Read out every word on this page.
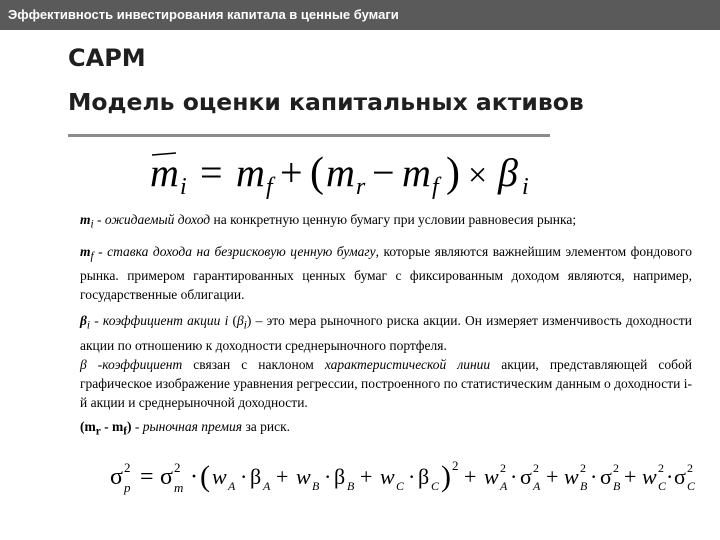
Эффективность инвестирования капитала в ценные бумаги
CAPM
Модель оценки капитальных активов
m i = m f + ( m r − m f ) × β i
$m_i$ - ожидаемый доход на конкретную ценную бумагу при условии равновесия рынка;
$m_f$ - ставка дохода на безрисковую ценную бумагу, которые являются важнейшим элементом фондового рынка. примером гарантированных ценных бумаг с фиксированным доходом являются, например, государственные облигации.
$\beta_i$ - коэффициент акции i $(\beta_i)$ – это мера рыночного риска акции. Он измеряет изменчивость доходности акции по отношению к доходности среднерыночного портфеля.
β -коэффициент связан с наклоном характеристической линии акции, представляющей собой графическое изображение уравнения регрессии, построенного по статистическим данным о доходности i-й акции и среднерыночной доходности.
$(m_r - m_f)$ - рыночная премия за риск.
σ 2
p = σ 2
m · ( w A · β A + w B · β B + w C · β C ) 2 + w 2
A · σ 2
A + w 2
B · σ 2
B + w 2
C · σ 2
C
